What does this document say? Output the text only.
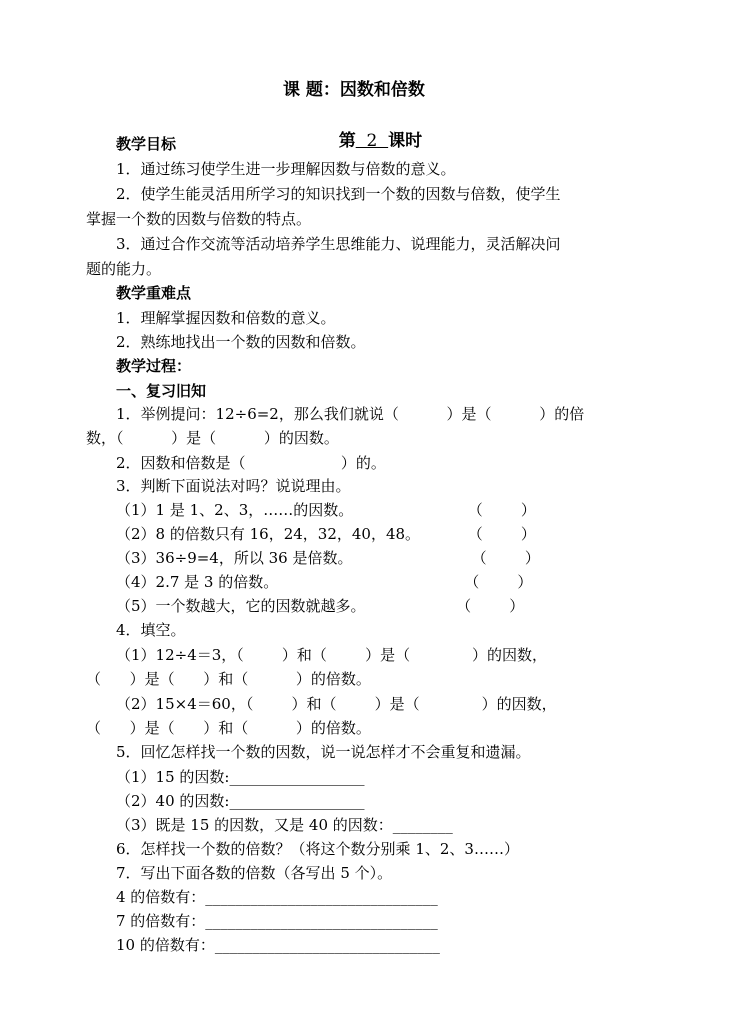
课 题：因数和倍数

第  2  课时

教学目标
1．通过练习使学生进一步理解因数与倍数的意义。
2．使学生能灵活用所学习的知识找到一个数的因数与倍数，使学生
掌握一个数的因数与倍数的特点。
3．通过合作交流等活动培养学生思维能力、说理能力，灵活解决问
题的能力。
教学重难点
1．理解掌握因数和倍数的意义。
2．熟练地找出一个数的因数和倍数。
教学过程：
一、复习旧知
1．举例提问：12÷6=2，那么我们就说（          ）是（          ）的倍
数，（          ）是（          ）的因数。
2．因数和倍数是（                    ）的。
3．判断下面说法对吗？说说理由。
（1）1 是 1、2、3，……的因数。                        （        ）
（2）8 的倍数只有 16，24，32，40，48。          （        ）
（3）36÷9=4，所以 36 是倍数。                         （        ）
（4）2.7 是 3 的倍数。                                       （        ）
（5）一个数越大，它的因数就越多。                   （        ）
4．填空。
（1）12÷4＝3，（        ）和（        ）是（             ）的因数，
（      ）是（      ）和（          ）的倍数。
（2）15×4＝60，（        ）和（        ）是（             ）的因数，
（      ）是（      ）和（          ）的倍数。
5．回忆怎样找一个数的因数，说一说怎样才不会重复和遗漏。
（1）15 的因数:__________________
（2）40 的因数:__________________
（3）既是 15 的因数，又是 40 的因数：________
6．怎样找一个数的倍数？（将这个数分别乘 1、2、3……）
7．写出下面各数的倍数（各写出 5 个）。
4 的倍数有：_______________________________
7 的倍数有：_______________________________
10 的倍数有：______________________________
